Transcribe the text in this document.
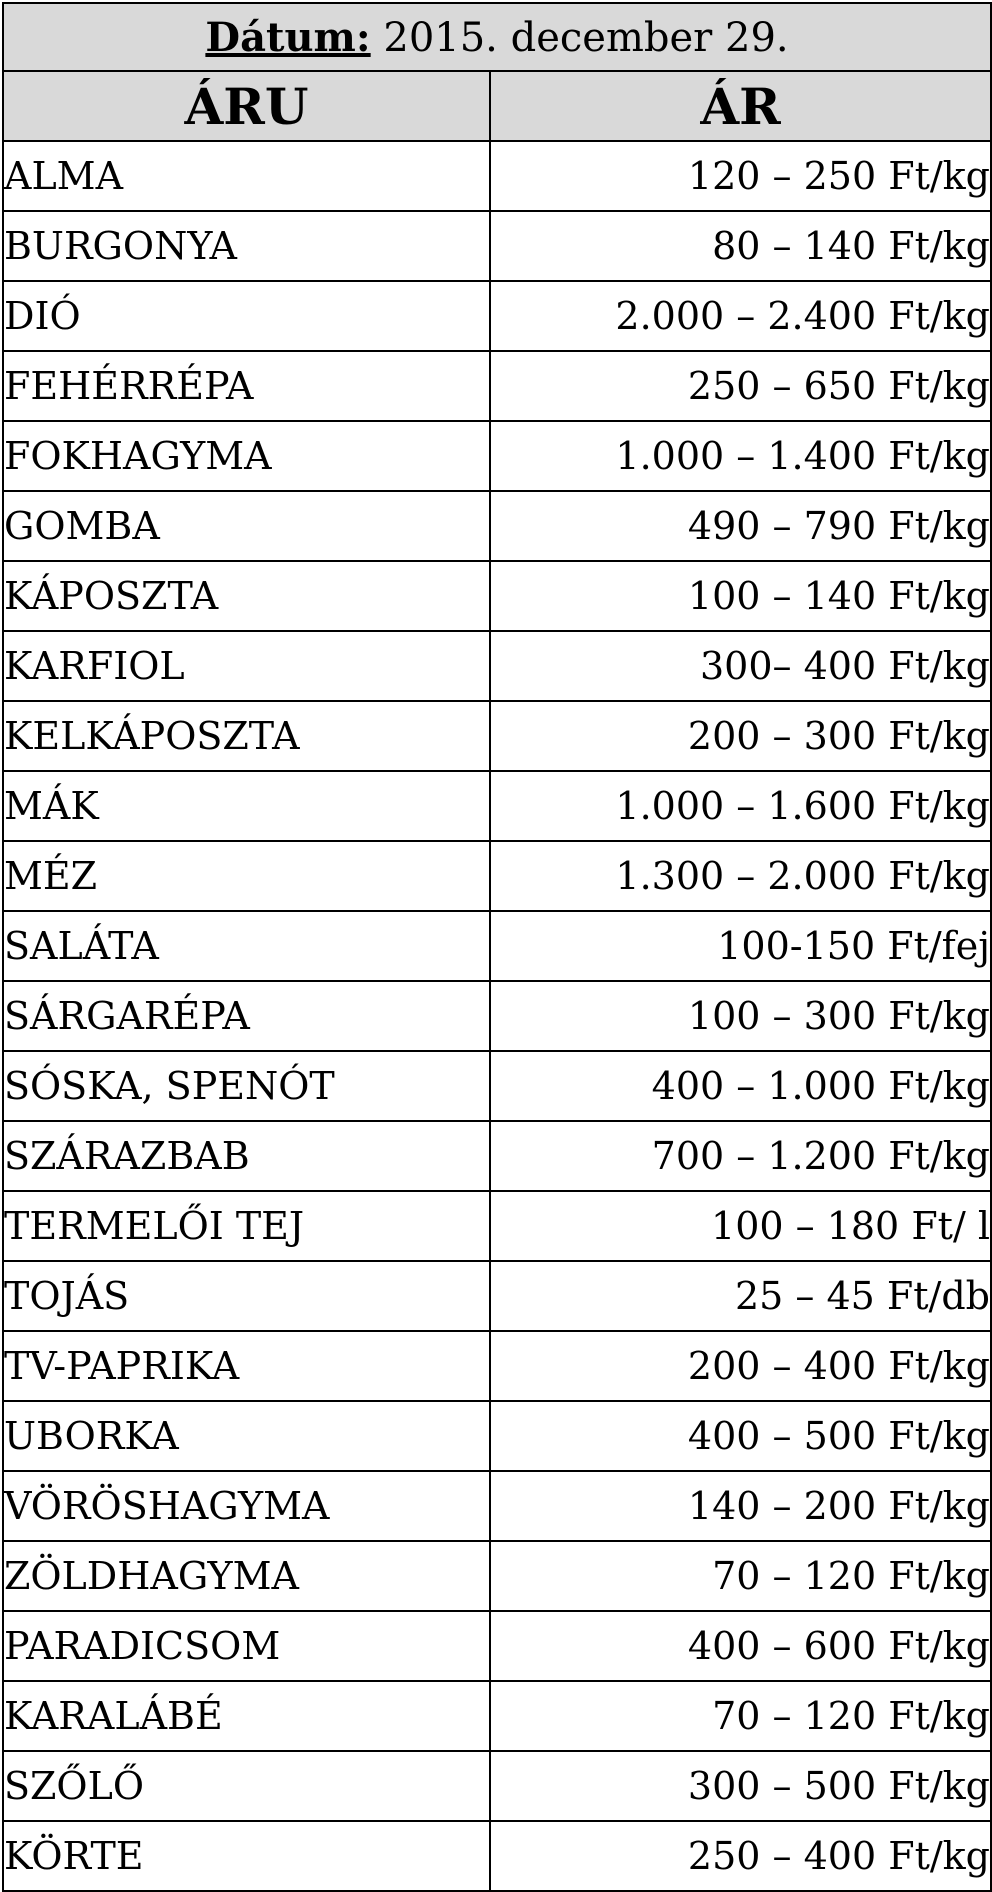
Dátum: 2015. december 29.	
ÁRU	ÁR
ALMA	120 – 250 Ft/kg
BURGONYA	80 – 140 Ft/kg
DIÓ	2.000 – 2.400 Ft/kg
FEHÉRRÉPA	250 – 650 Ft/kg
FOKHAGYMA	1.000 – 1.400 Ft/kg
GOMBA	490 – 790 Ft/kg
KÁPOSZTA	100 – 140 Ft/kg
KARFIOL	300– 400 Ft/kg
KELKÁPOSZTA	200 – 300 Ft/kg
MÁK	1.000 – 1.600 Ft/kg
MÉZ	1.300 – 2.000 Ft/kg
SALÁTA	100-150 Ft/fej
SÁRGARÉPA	100 – 300 Ft/kg
SÓSKA, SPENÓT	400 – 1.000 Ft/kg
SZÁRAZBAB	700 – 1.200 Ft/kg
TERMELŐI TEJ	100 – 180 Ft/ l
TOJÁS	25 – 45 Ft/db
TV-PAPRIKA	200 – 400 Ft/kg
UBORKA	400 – 500 Ft/kg
VÖRÖSHAGYMA	140 – 200 Ft/kg
ZÖLDHAGYMA	70 – 120 Ft/kg
PARADICSOM	400 – 600 Ft/kg
KARALÁBÉ	70 – 120 Ft/kg
SZŐLŐ	300 – 500 Ft/kg
KÖRTE	250 – 400 Ft/kg
